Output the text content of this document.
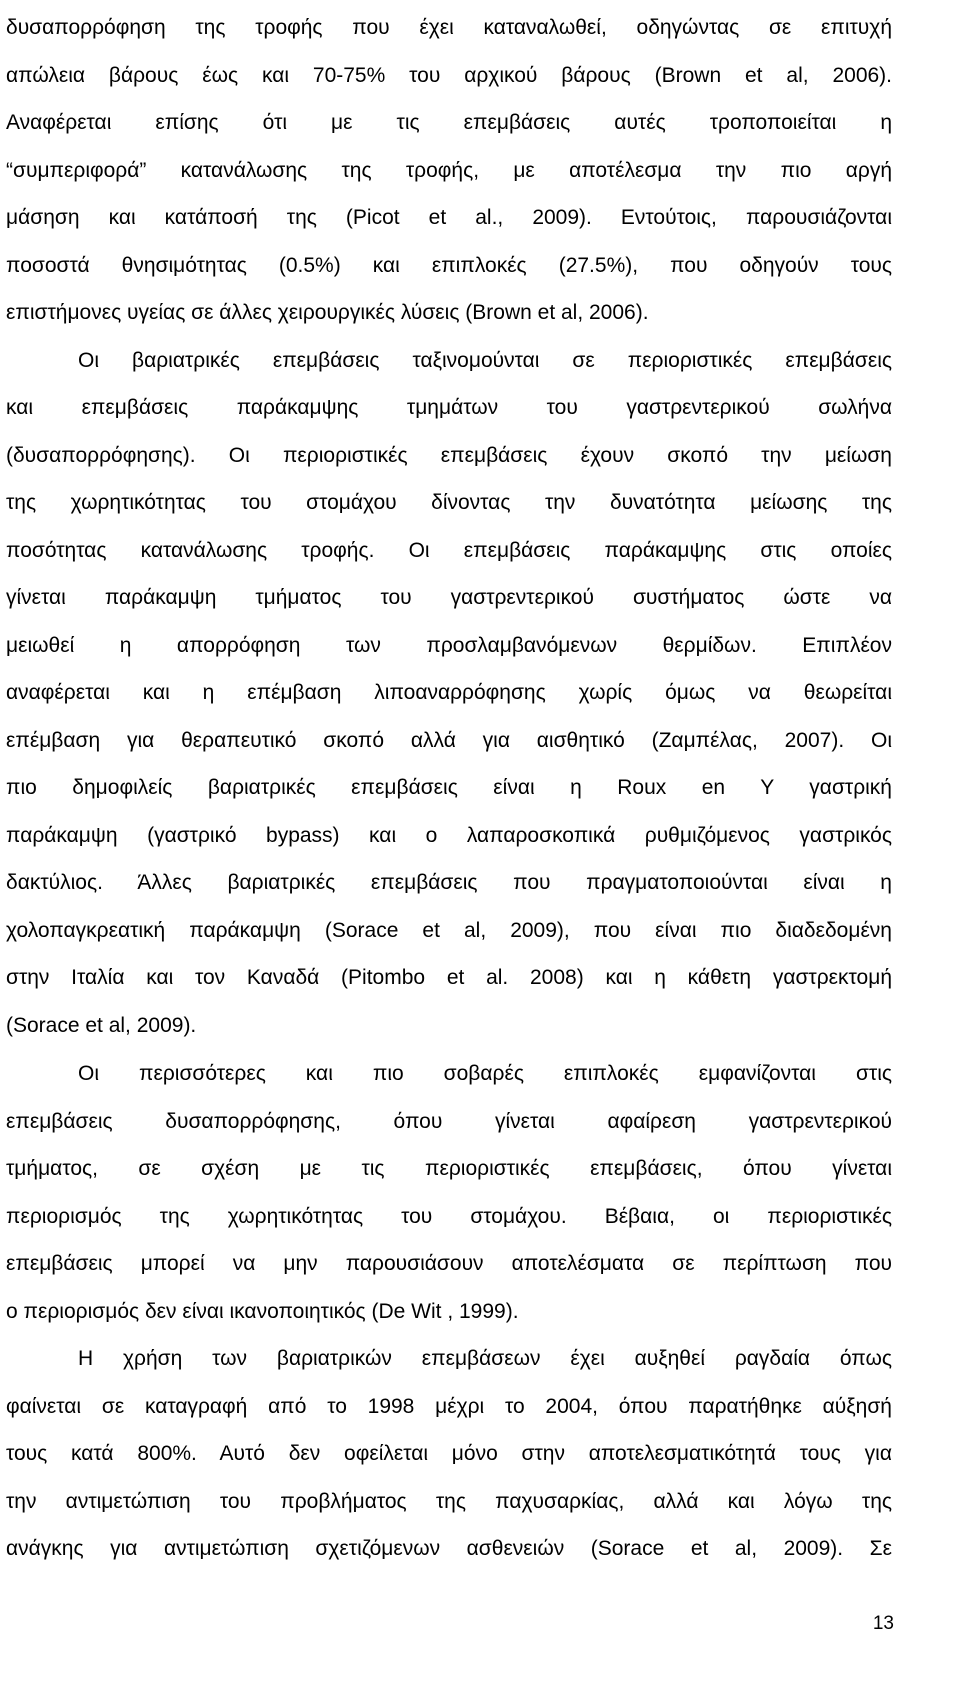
δυσαπορρόφηση της τροφής που έχει καταναλωθεί, οδηγώντας σε επιτυχή
απώλεια βάρους έως και 70-75% του αρχικού βάρους (Brown et al, 2006).
Αναφέρεται επίσης ότι με τις επεμβάσεις αυτές τροποποιείται η
“συμπεριφορά” κατανάλωσης της τροφής, με αποτέλεσμα την πιο αργή
μάσηση και κατάποσή της (Picot et al., 2009). Εντούτοις, παρουσιάζονται
ποσοστά θνησιμότητας (0.5%) και επιπλοκές (27.5%), που οδηγούν τους
επιστήμονες υγείας σε άλλες χειρουργικές λύσεις (Brown et al, 2006).
Οι βαριατρικές επεμβάσεις ταξινομούνται σε περιοριστικές επεμβάσεις
και επεμβάσεις παράκαμψης τμημάτων του γαστρεντερικού σωλήνα
(δυσαπορρόφησης). Οι περιοριστικές επεμβάσεις έχουν σκοπό την μείωση
της χωρητικότητας του στομάχου δίνοντας την δυνατότητα μείωσης της
ποσότητας κατανάλωσης τροφής. Οι επεμβάσεις παράκαμψης στις οποίες
γίνεται παράκαμψη τμήματος του γαστρεντερικού συστήματος ώστε να
μειωθεί η απορρόφηση των προσλαμβανόμενων θερμίδων. Επιπλέον
αναφέρεται και η επέμβαση λιποαναρρόφησης χωρίς όμως να θεωρείται
επέμβαση για θεραπευτικό σκοπό αλλά για αισθητικό (Ζαμπέλας, 2007). Οι
πιο δημοφιλείς βαριατρικές επεμβάσεις είναι η Roux en Y γαστρική
παράκαμψη (γαστρικό bypass) και ο λαπαροσκοπικά ρυθμιζόμενος γαστρικός
δακτύλιος. Άλλες βαριατρικές επεμβάσεις που πραγματοποιούνται είναι η
χολοπαγκρεατική παράκαμψη (Sorace et al, 2009), που είναι πιο διαδεδομένη
στην Ιταλία και τον Καναδά (Pitombo et al. 2008) και η κάθετη γαστρεκτομή
(Sorace et al, 2009).
Οι περισσότερες και πιο σοβαρές επιπλοκές εμφανίζονται στις
επεμβάσεις δυσαπορρόφησης, όπου γίνεται αφαίρεση γαστρεντερικού
τμήματος, σε σχέση με τις περιοριστικές επεμβάσεις, όπου γίνεται
περιορισμός της χωρητικότητας του στομάχου. Βέβαια, οι περιοριστικές
επεμβάσεις μπορεί να μην παρουσιάσουν αποτελέσματα σε περίπτωση που
ο περιορισμός δεν είναι ικανοποιητικός (De Wit , 1999).
Η χρήση των βαριατρικών επεμβάσεων έχει αυξηθεί ραγδαία όπως
φαίνεται σε καταγραφή από το 1998 μέχρι το 2004, όπου παρατήθηκε αύξησή
τους κατά 800%. Αυτό δεν οφείλεται μόνο στην αποτελεσματικότητά τους για
την αντιμετώπιση του προβλήματος της παχυσαρκίας, αλλά και λόγω της
ανάγκης για αντιμετώπιση σχετιζόμενων ασθενειών (Sorace et al, 2009). Σε
13
